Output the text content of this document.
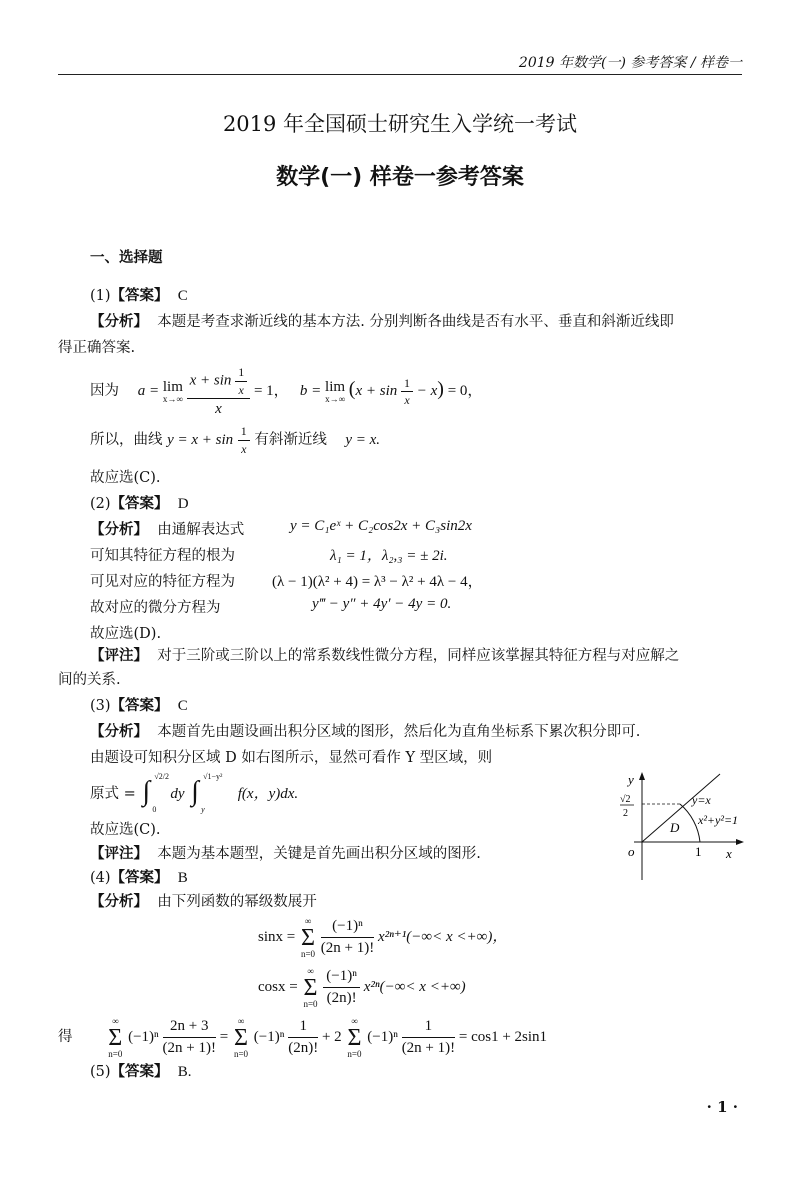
2019 年数学(一) 参考答案 / 样卷一
2019 年全国硕士研究生入学统一考试
数学(一) 样卷一参考答案
一、选择题
(1)【答案】 C
【分析】 本题是考查求渐近线的基本方法. 分别判断各曲线是否有水平、垂直和斜渐近线即
得正确答案.
因为 a = lim
x→∞
$\frac{x + \sin \frac{1}{x}}{x} = 1$， b = lim
x→∞ $(x + \sin \frac{1}{x} - x) = 0$，
所以，曲线 $y = x + \sin \frac{1}{x}$ 有斜渐近线 y = x.
故应选(C).
(2)【答案】 D
【分析】 由通解表达式	y = C₁eˣ + C₂cos2x + C₃sin2x
可知其特征方程的根为	λ₁ = 1，λ₂,₃ = ± 2i.
可见对应的特征方程为 (λ − 1)(λ² + 4) = λ³ − λ² + 4λ − 4，
故对应的微分方程为	y‴ − y″ + 4y′ − 4y = 0.
故应选(D).
【评注】 对于三阶或三阶以上的常系数线性微分方程，同样应该掌握其特征方程与对应解之
间的关系.
(3)【答案】 C
【分析】 本题首先由题设画出积分区域的图形，然后化为直角坐标系下累次积分即可.
由题设可知积分区域 D 如右图所示，显然可看作 Y 型区域，则
原式 = ∫ √2/2
0
dy ∫ √1−y²
y
f(x，y)dx.
故应选(C).
【评注】 本题为基本题型，关键是首先画出积分区域的图形.
y
x
o	1
y=x
x²+y²=1
D
√2
2
(4)【答案】 B
【分析】 由下列函数的幂级数展开
sinx =
∞
Σ
n=0
$\frac{\text{(−1)ⁿ}}{(2n + 1)!} x^{2n+1}(-\infty< x$ <+∞)，
cosx =
∞
Σ
n=0
$\frac{\text{(−1)ⁿ}}{(2n)!} x^{2n}(-\infty< x$ <+∞)
得
∞
Σ
n=0
$(-1)^n \frac{2n + 3}{(2n + 1)!}$ =
∞
Σ
n=0
$(-1)^n \frac{1}{(2n)!} + 2$
∞
Σ
n=0
$(-1)^n \frac{1}{(2n + 1)!} = \cos 1 + 2\sin 1$
(5)【答案】 B.
· 1 ·
